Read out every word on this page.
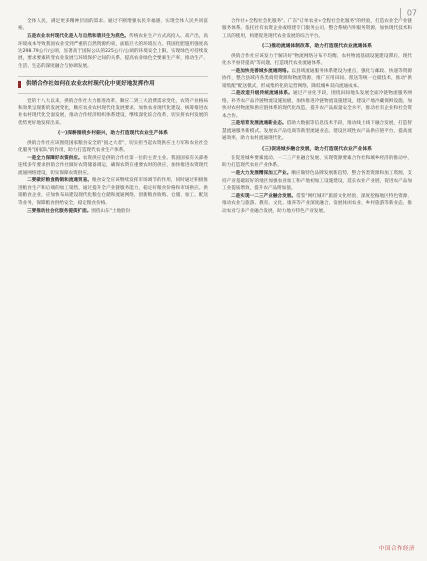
07
全体人民，满足更多精神层面的需求。通过不断增强农民幸福感，实现全体人民共同富裕。
五是农业农村现代化是人与自然和谐共生为底色。传统农业生产方式高投入、高产出，高环境成本导致我国农业受到严重的自然资源约束，面临巨大的环境压力。我国化肥施用强度高达298.79公斤/公顷，显著高于国际公认的225公斤/公顷的环境安全上限。实现绿色可持续发展，要求要素转变农业发展与环境保护之间的关系，提高农业绿色全要素生产率，推动生产、生活、生态的深度融合与协调发展。
供销合作社如何在农业农村现代化中更好地发挥作用
党的十八大以来，供销合作社大力推进改革，顺应二到三大消费需求变化，农资产业格局和效果呈现新的发展变化，顺应农业农村现代化发展要求，加快农业现代化建设，统筹推进农业农村现代化全面发展，推动合作经济组织体系建设，继续深化综合改革，切实将农村发展的优势更好地发挥出来。
(一)深耕围绕乡村振兴，助力打造现代农业生产体系
供销合作社应该围绕国家粮食安全的"国之大者"，切实担当起农资供应主力军和农业社会化服务"国家队"的作用，助力打造现代农业生产体系。
一是全力保障好农资供应。农资供应是供销合作社第一位的主责主业。我国国家有关部委连续多年要求供销合作社做好农资储备调运，确保农资在重要农时的供应，加快推进农资现代流通网络建设，切实保障农资供应。
二要做好粮食购销和流通贸易。粮食安全应该继续发挥市场调节的作用，同时通过积极推进粮食生产和后端的加工销售，通过提升全产业链服务能力，稳定好粮食价格和市场供应。供销粮食企业，应加快布局建设现代化粮仓仓储和流通网络，创新粮食收购、仓储、加工、配送等业务，保障粮食供给安全，稳定粮食价格。
三要推动社会化服务提质扩面。围绕山东"土地股份
合作社+全程社会化服务"、广东"订单农业+全程社会化服务"的经验，打造农业全产业链服务体系。依托社有农资企业或组建专门服务公司，整合系统内外服务资源，加快现代技术和工具的使用，构建促进现代农业发展的综合平台。
(二)推动流通体制改革，助力打造现代农业流通体系
供销合作社应该发力于解决好"物流网络分布不均衡、农村物流基础设施建设滞后、现代化水平亟待提高"等问题，打造现代农业流通体系。
一是加快完善城乡流通网络。以县域流通服务体系建设为重点，强化与邮政、快递等资源协作，整合县域内各类商贸资源和物流资源，推广应用田间、派送等统一仓储技术，推动"供销集配"配送模式，形成集约化的运营网络，降低城乡双向流通成本。
二是改造升级传统流通体系。通过产业化手段，围绕田间地头发展全面冷链物流服务网络，补齐农产品冷链物流设施短板，加快推进冷链物流设施建设，建设产地冷藏保鲜设施，加快对农村物流和供应链体系的现代化改造，提升农产品质量安全水平，推动社有企业和社会资本合作。
三是培育发展流通新业态。借助大数据等信息技术手段，推动线上线下融合发展，打造智慧流通服务新模式。发展农产品电商等新型流通业态，建设区域性农产品供应链平台，提高流通效率，助力农村流通现代化。
(三)促进城乡融合发展，助力打造现代农业产业体系
在促进城乡要素流动、一二三产业融合发展、实现资源要素合作社和城乡经济的推动中，助力打造现代农业产业体系。
一是大力发展精深加工产业。顺应做特色品牌发展新趋势，整合各类资源和加工资源，支持产业基础较好的地区加强农业加工和产地初加工设施建设，延长农业产业链，促进农产品加工业提质增效，提升农产品附加值。
二是实现一二三产业融合发展。借鉴"网红城市"旅游文化经验，深度挖掘地区特色资源，推动农业与旅游、教育、文化、康养等产业深度融合，发展休闲农业、乡村旅游等新业态，推动农业与多产业融合发展，助力地方特色产业发展。
中国合作经济
